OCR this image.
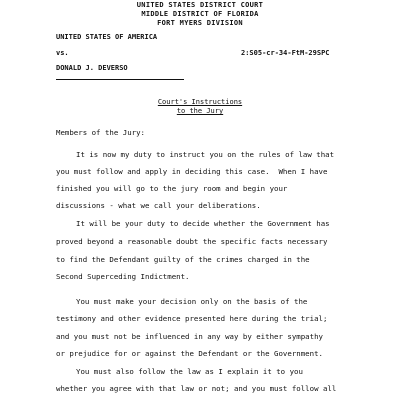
UNITED STATES DISTRICT COURT
MIDDLE DISTRICT OF FLORIDA
FORT MYERS DIVISION
UNITED STATES OF AMERICA
vs.	2:S05-cr-34-FtM-29SPC
DONALD J. DEVERSO
Court's Instructions
to the Jury
Members of the Jury:
It is now my duty to instruct you on the rules of law that
you must follow and apply in deciding this case.  When I have
finished you will go to the jury room and begin your
discussions - what we call your deliberations.
It will be your duty to decide whether the Government has
proved beyond a reasonable doubt the specific facts necessary
to find the Defendant guilty of the crimes charged in the
Second Superceding Indictment.
You must make your decision only on the basis of the
testimony and other evidence presented here during the trial;
and you must not be influenced in any way by either sympathy
or prejudice for or against the Defendant or the Government.
You must also follow the law as I explain it to you
whether you agree with that law or not; and you must follow all
